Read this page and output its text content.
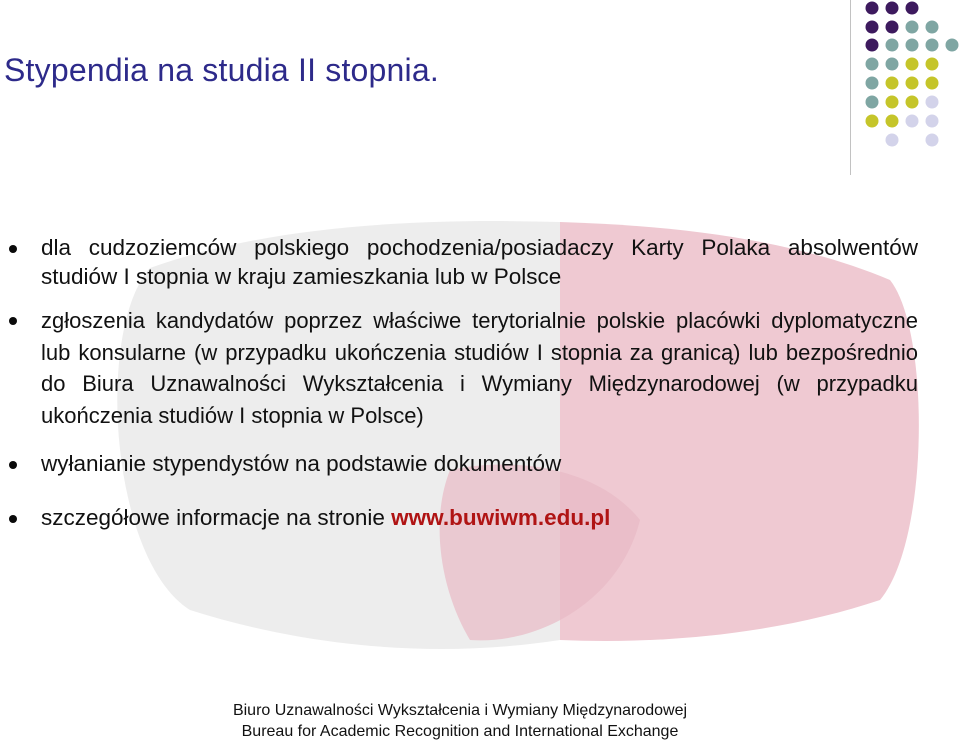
Stypendia na studia II stopnia.
dla cudzoziemców polskiego pochodzenia/posiadaczy Karty Polaka absolwentów studiów I stopnia w kraju zamieszkania lub w Polsce
zgłoszenia kandydatów poprzez właściwe terytorialnie polskie placówki dyplomatyczne lub konsularne (w przypadku ukończenia studiów I stopnia za granicą) lub bezpośrednio do Biura Uznawalności Wykształcenia i Wymiany Międzynarodowej (w przypadku ukończenia studiów I stopnia w Polsce)
wyłanianie stypendystów na podstawie dokumentów
szczegółowe informacje na stronie www.buwiwm.edu.pl
Biuro Uznawalności Wykształcenia i Wymiany Międzynarodowej
Bureau for Academic Recognition and International Exchange
